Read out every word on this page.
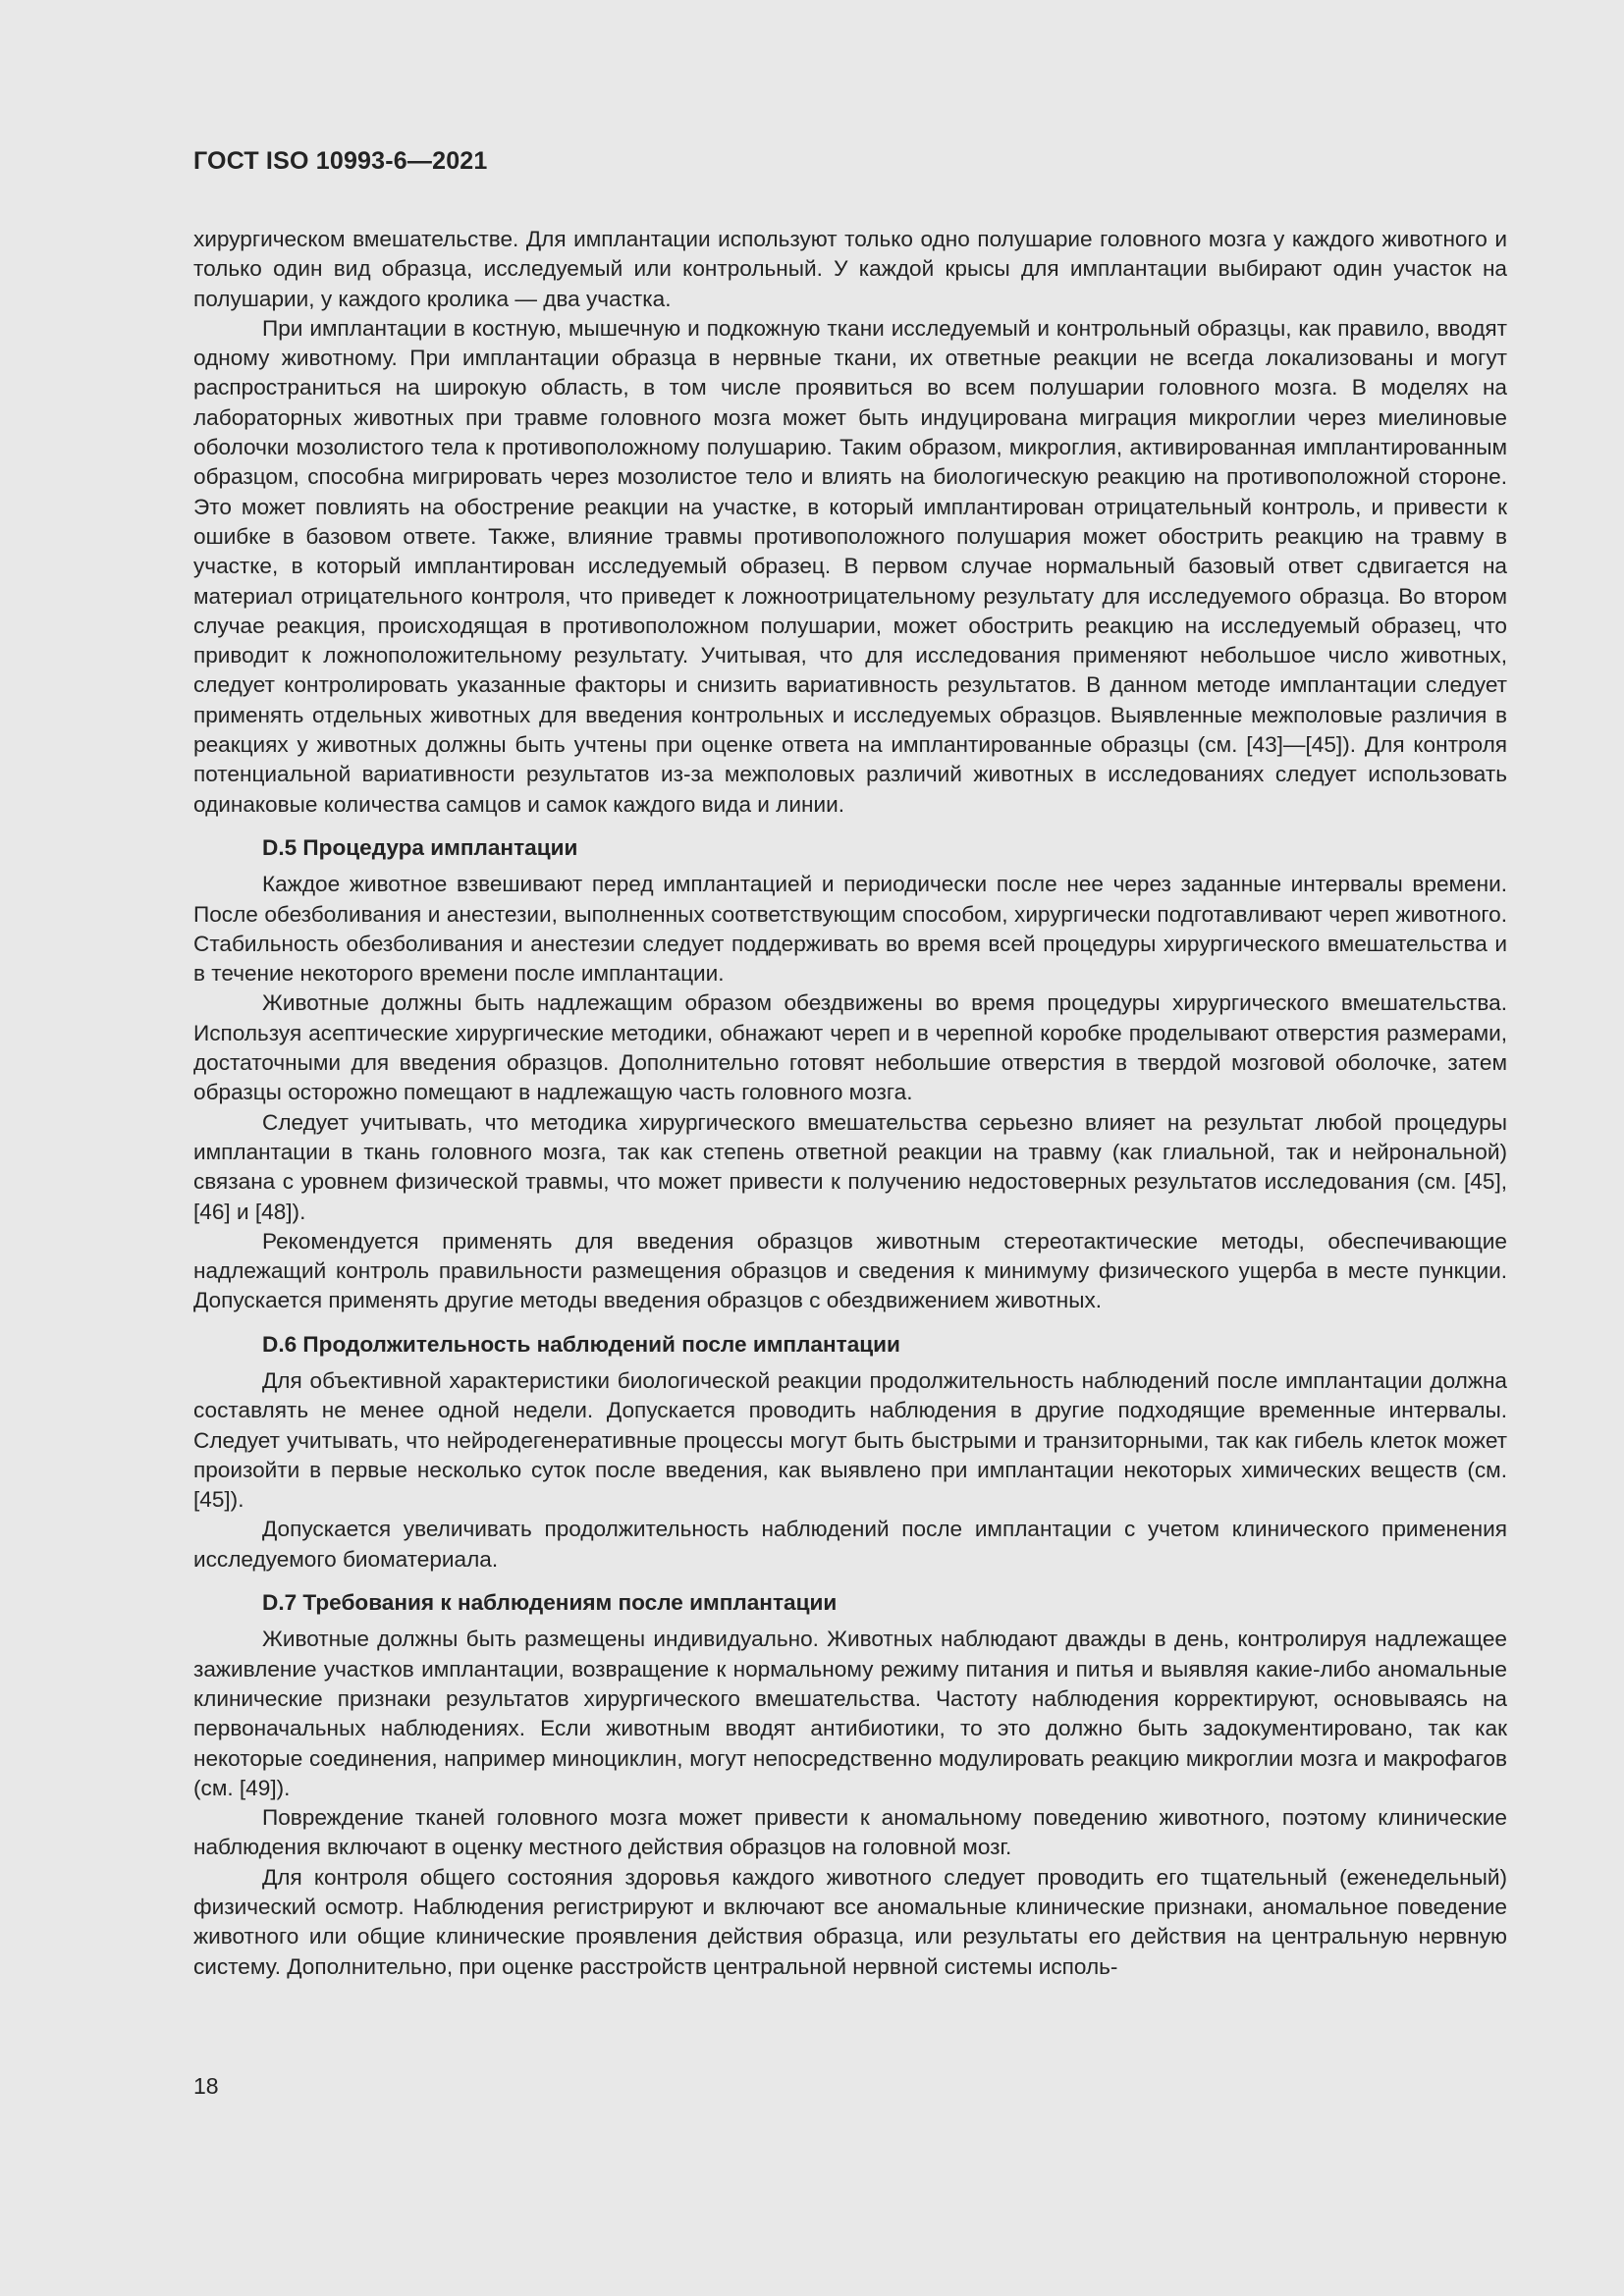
ГОСТ ISO 10993-6—2021

хирургическом вмешательстве. Для имплантации используют только одно полушарие головного мозга у каждого животного и только один вид образца, исследуемый или контрольный. У каждой крысы для имплантации выбирают один участок на полушарии, у каждого кролика — два участка.

При имплантации в костную, мышечную и подкожную ткани исследуемый и контрольный образцы, как правило, вводят одному животному. При имплантации образца в нервные ткани, их ответные реакции не всегда локализованы и могут распространиться на широкую область, в том числе проявиться во всем полушарии головного мозга. В моделях на лабораторных животных при травме головного мозга может быть индуцирована миграция микроглии через миелиновые оболочки мозолистого тела к противоположному полушарию. Таким образом, микроглия, активированная имплантированным образцом, способна мигрировать через мозолистое тело и влиять на биологическую реакцию на противоположной стороне. Это может повлиять на обострение реакции на участке, в который имплантирован отрицательный контроль, и привести к ошибке в базовом ответе. Также, влияние травмы противоположного полушария может обострить реакцию на травму в участке, в который имплантирован исследуемый образец. В первом случае нормальный базовый ответ сдвигается на материал отрицательного контроля, что приведет к ложноотрицательному результату для исследуемого образца. Во втором случае реакция, происходящая в противоположном полушарии, может обострить реакцию на исследуемый образец, что приводит к ложноположительному результату. Учитывая, что для исследования применяют небольшое число животных, следует контролировать указанные факторы и снизить вариативность результатов. В данном методе имплантации следует применять отдельных животных для введения контрольных и исследуемых образцов. Выявленные межполовые различия в реакциях у животных должны быть учтены при оценке ответа на имплантированные образцы (см. [43]—[45]). Для контроля потенциальной вариативности результатов из-за межполовых различий животных в исследованиях следует использовать одинаковые количества самцов и самок каждого вида и линии.

D.5 Процедура имплантации

Каждое животное взвешивают перед имплантацией и периодически после нее через заданные интервалы времени. После обезболивания и анестезии, выполненных соответствующим способом, хирургически подготавливают череп животного. Стабильность обезболивания и анестезии следует поддерживать во время всей процедуры хирургического вмешательства и в течение некоторого времени после имплантации.

Животные должны быть надлежащим образом обездвижены во время процедуры хирургического вмешательства. Используя асептические хирургические методики, обнажают череп и в черепной коробке проделывают отверстия размерами, достаточными для введения образцов. Дополнительно готовят небольшие отверстия в твердой мозговой оболочке, затем образцы осторожно помещают в надлежащую часть головного мозга.

Следует учитывать, что методика хирургического вмешательства серьезно влияет на результат любой процедуры имплантации в ткань головного мозга, так как степень ответной реакции на травму (как глиальной, так и нейрональной) связана с уровнем физической травмы, что может привести к получению недостоверных результатов исследования (см. [45], [46] и [48]).

Рекомендуется применять для введения образцов животным стереотактические методы, обеспечивающие надлежащий контроль правильности размещения образцов и сведения к минимуму физического ущерба в месте пункции. Допускается применять другие методы введения образцов с обездвижением животных.

D.6 Продолжительность наблюдений после имплантации

Для объективной характеристики биологической реакции продолжительность наблюдений после имплантации должна составлять не менее одной недели. Допускается проводить наблюдения в другие подходящие временные интервалы. Следует учитывать, что нейродегенеративные процессы могут быть быстрыми и транзиторными, так как гибель клеток может произойти в первые несколько суток после введения, как выявлено при имплантации некоторых химических веществ (см. [45]).

Допускается увеличивать продолжительность наблюдений после имплантации с учетом клинического применения исследуемого биоматериала.

D.7 Требования к наблюдениям после имплантации

Животные должны быть размещены индивидуально. Животных наблюдают дважды в день, контролируя надлежащее заживление участков имплантации, возвращение к нормальному режиму питания и питья и выявляя какие-либо аномальные клинические признаки результатов хирургического вмешательства. Частоту наблюдения корректируют, основываясь на первоначальных наблюдениях. Если животным вводят антибиотики, то это должно быть задокументировано, так как некоторые соединения, например миноциклин, могут непосредственно модулировать реакцию микроглии мозга и макрофагов (см. [49]).

Повреждение тканей головного мозга может привести к аномальному поведению животного, поэтому клинические наблюдения включают в оценку местного действия образцов на головной мозг.

Для контроля общего состояния здоровья каждого животного следует проводить его тщательный (еженедельный) физический осмотр. Наблюдения регистрируют и включают все аномальные клинические признаки, аномальное поведение животного или общие клинические проявления действия образца, или результаты его действия на центральную нервную систему. Дополнительно, при оценке расстройств центральной нервной системы исполь-

18
